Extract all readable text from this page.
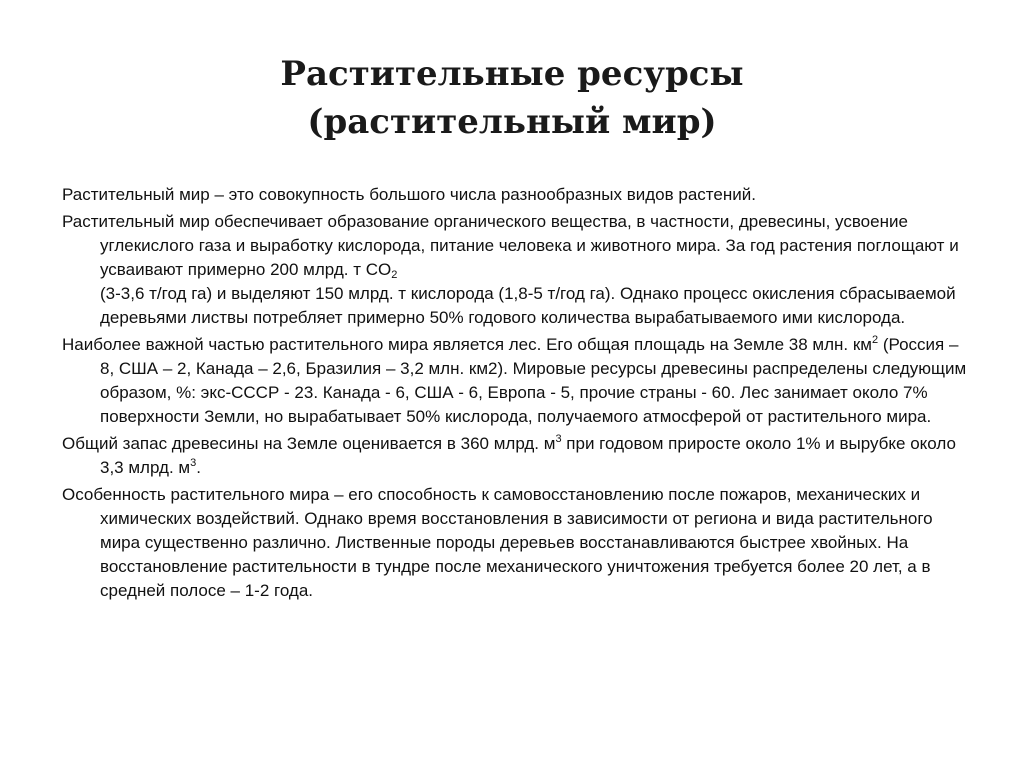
Растительные ресурсы
(растительный мир)

Растительный мир – это совокупность большого числа разнообразных видов растений.

Растительный мир обеспечивает образование органического вещества, в частности, древесины, усвоение углекислого газа и выработку кислорода, питание человека и животного мира. За год растения поглощают и усваивают примерно 200 млрд. т $CO_2$
(3-3,6 т/год га) и выделяют 150 млрд. т кислорода (1,8-5 т/год га). Однако процесс окисления сбрасываемой деревьями листвы потребляет примерно 50% годового количества вырабатываемого ими кислорода.

Наиболее важной частью растительного мира является лес. Его общая площадь на Земле 38 млн. $км^2$ (Россия – 8, США – 2, Канада – 2,6, Бразилия – 3,2 млн. км2). Мировые ресурсы древесины распределены следующим образом, %: экс-СССР - 23. Канада - 6, США - 6, Европа - 5, прочие страны - 60. Лес занимает около 7% поверхности Земли, но вырабатывает 50% кислорода, получаемого атмосферой от растительного мира.

Общий запас древесины на Земле оценивается в 360 млрд. $м^3$ при годовом приросте около 1% и вырубке около 3,3 млрд. $м^3$.

Особенность растительного мира – его способность к самовосстановлению после пожаров, механических и химических воздействий. Однако время восстановления в зависимости от региона и вида растительного мира существенно различно. Лиственные породы деревьев восстанавливаются быстрее хвойных. На восстановление растительности в тундре после механического уничтожения требуется более 20 лет, а в средней полосе – 1-2 года.
